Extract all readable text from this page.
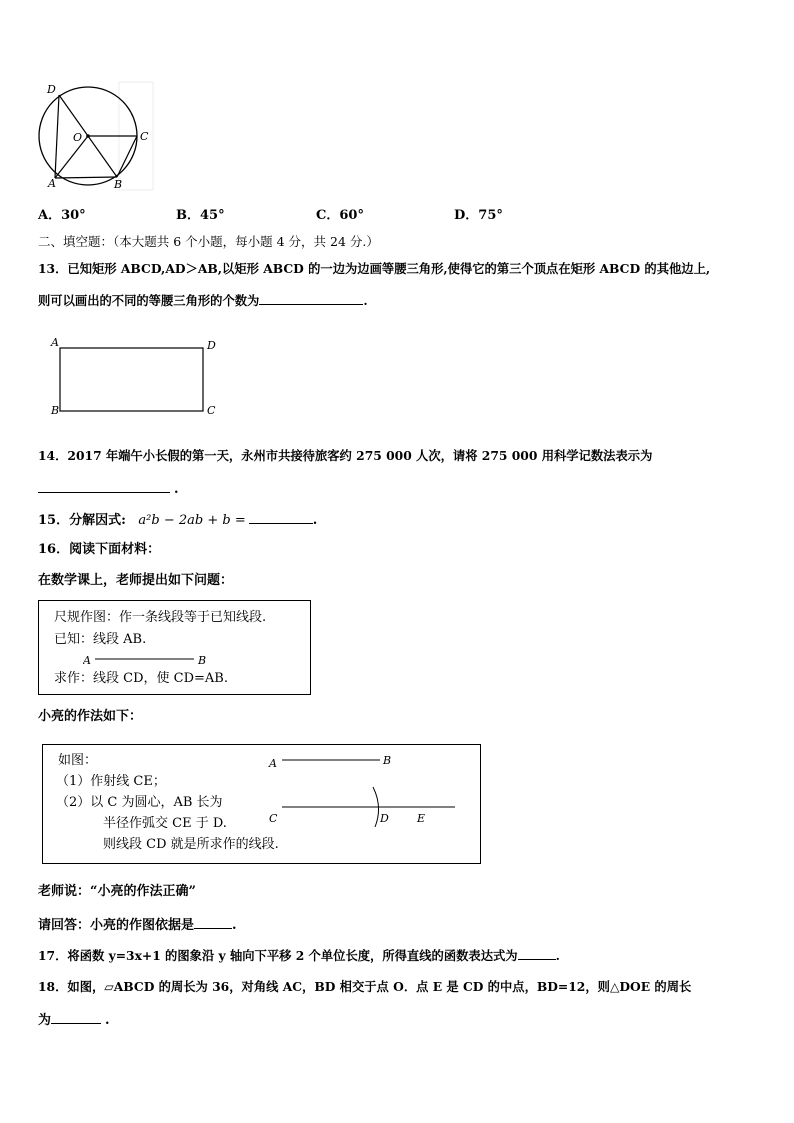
D
O	C
A	B
A．30°	B．45°	C．60°	D．75°
二、填空题：（本大题共 6 个小题，每小题 4 分，共 24 分.）
13．已知矩形 ABCD,AD＞AB,以矩形 ABCD 的一边为边画等腰三角形,使得它的第三个顶点在矩形 ABCD 的其他边上,
则可以画出的不同的等腰三角形的个数为	.
A	D
B	C
14．2017 年端午小长假的第一天，永州市共接待旅客约 275 000 人次，请将 275 000 用科学记数法表示为
.
15．分解因式: a²b − 2ab + b =	.
16．阅读下面材料：
在数学课上，老师提出如下问题：
尺规作图：作一条线段等于已知线段.
已知：线段 AB.
A	B
求作：线段 CD，使 CD=AB.
小亮的作法如下：
如图：
（1）作射线 CE；
（2）以 C 为圆心，AB 长为
半径作弧交 CE 于 D.
则线段 CD 就是所求作的线段.
A	B
C	D	E
老师说：“小亮的作法正确”
请回答：小亮的作图依据是	.
17．将函数 y=3x+1 的图象沿 y 轴向下平移 2 个单位长度，所得直线的函数表达式为	.
18．如图，▱ABCD 的周长为 36，对角线 AC，BD 相交于点 O．点 E 是 CD 的中点，BD=12，则△DOE 的周长
为	.
